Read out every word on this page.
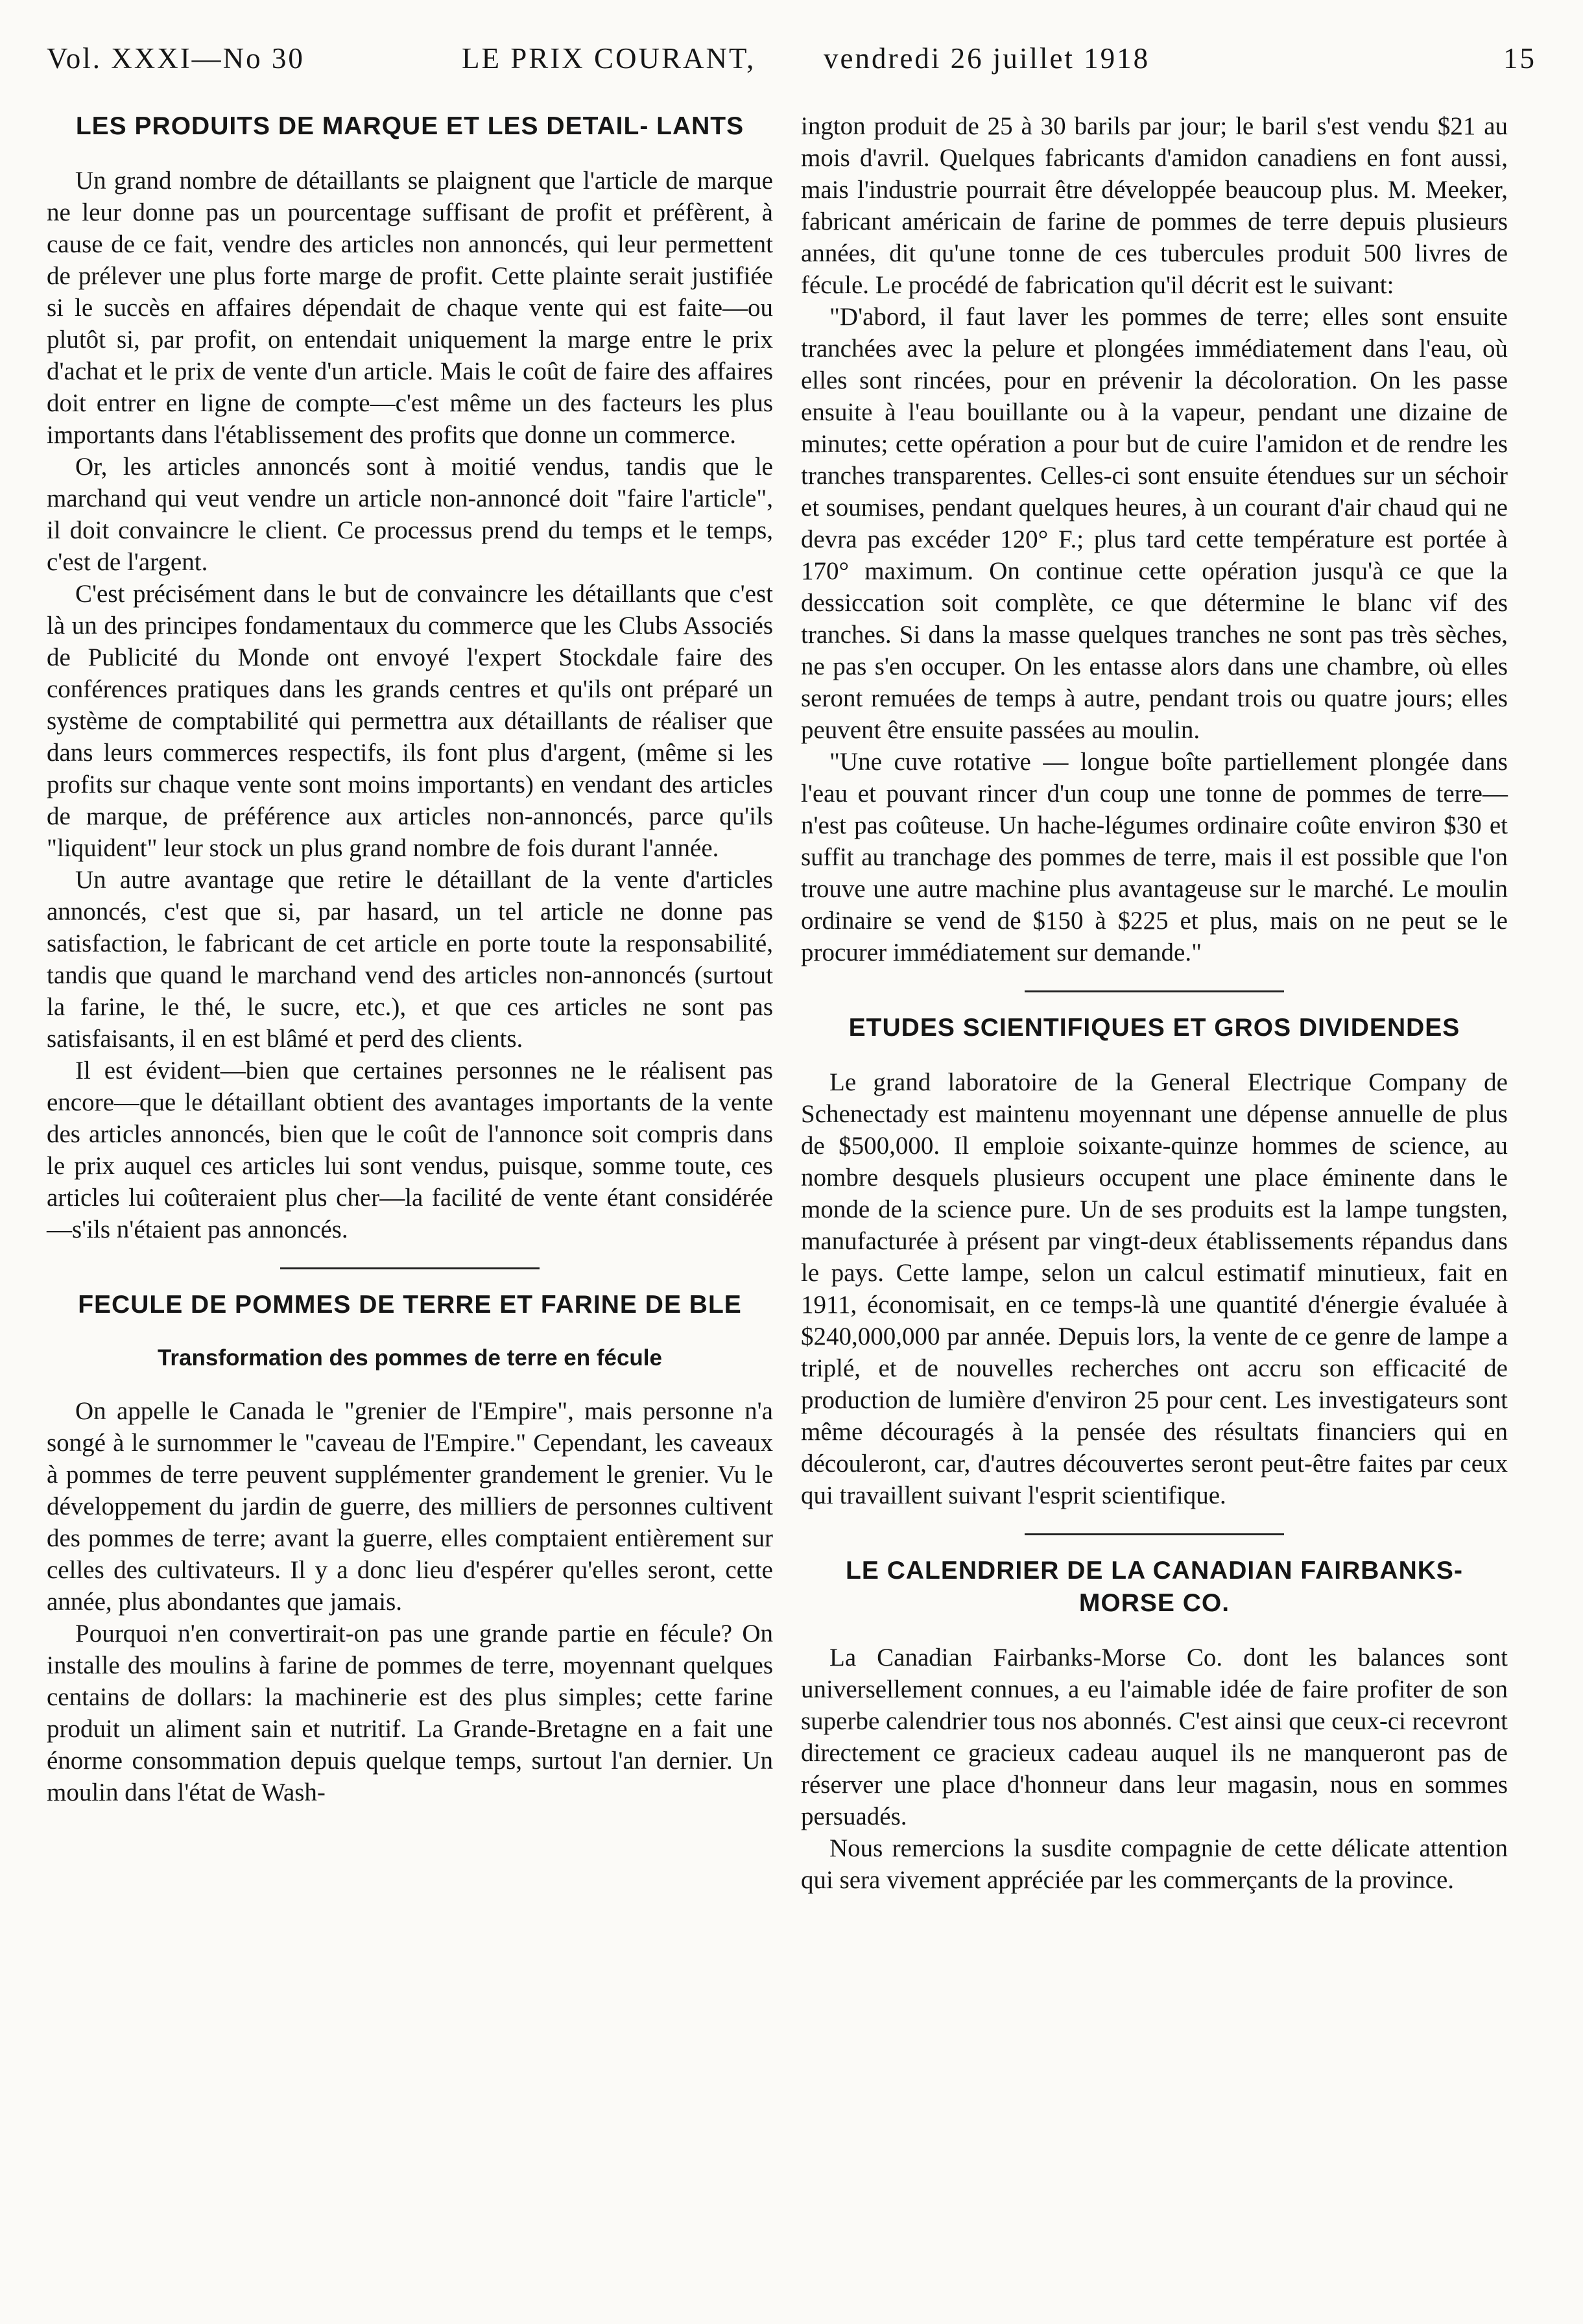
Vol. XXXI—No 30	LE PRIX COURANT, vendredi 26 juillet 1918	15
LES PRODUITS DE MARQUE ET LES DETAIL- LANTS

Un grand nombre de détaillants se plaignent que l'article de marque ne leur donne pas un pourcentage suffisant de profit et préfèrent, à cause de ce fait, vendre des articles non annoncés, qui leur permettent de prélever une plus forte marge de profit. Cette plainte serait justifiée si le succès en affaires dépendait de chaque vente qui est faite—ou plutôt si, par profit, on entendait uniquement la marge entre le prix d'achat et le prix de vente d'un article. Mais le coût de faire des affaires doit entrer en ligne de compte—c'est même un des facteurs les plus importants dans l'établissement des profits que donne un commerce.

Or, les articles annoncés sont à moitié vendus, tandis que le marchand qui veut vendre un article non-annoncé doit "faire l'article", il doit convaincre le client. Ce processus prend du temps et le temps, c'est de l'argent.

C'est précisément dans le but de convaincre les détaillants que c'est là un des principes fondamentaux du commerce que les Clubs Associés de Publicité du Monde ont envoyé l'expert Stockdale faire des conférences pratiques dans les grands centres et qu'ils ont préparé un système de comptabilité qui permettra aux détaillants de réaliser que dans leurs commerces respectifs, ils font plus d'argent, (même si les profits sur chaque vente sont moins importants) en vendant des articles de marque, de préférence aux articles non-annoncés, parce qu'ils "liquident" leur stock un plus grand nombre de fois durant l'année.

Un autre avantage que retire le détaillant de la vente d'articles annoncés, c'est que si, par hasard, un tel article ne donne pas satisfaction, le fabricant de cet article en porte toute la responsabilité, tandis que quand le marchand vend des articles non-annoncés (surtout la farine, le thé, le sucre, etc.), et que ces articles ne sont pas satisfaisants, il en est blâmé et perd des clients.

Il est évident—bien que certaines personnes ne le réalisent pas encore—que le détaillant obtient des avantages importants de la vente des articles annoncés, bien que le coût de l'annonce soit compris dans le prix auquel ces articles lui sont vendus, puisque, somme toute, ces articles lui coûteraient plus cher—la facilité de vente étant considérée—s'ils n'étaient pas annoncés.

FECULE DE POMMES DE TERRE ET FARINE DE BLE
Transformation des pommes de terre en fécule

On appelle le Canada le "grenier de l'Empire", mais personne n'a songé à le surnommer le "caveau de l'Empire." Cependant, les caveaux à pommes de terre peuvent supplémenter grandement le grenier. Vu le développement du jardin de guerre, des milliers de personnes cultivent des pommes de terre; avant la guerre, elles comptaient entièrement sur celles des cultivateurs. Il y a donc lieu d'espérer qu'elles seront, cette année, plus abondantes que jamais.

Pourquoi n'en convertirait-on pas une grande partie en fécule? On installe des moulins à farine de pommes de terre, moyennant quelques centains de dollars: la machinerie est des plus simples; cette farine produit un aliment sain et nutritif. La Grande-Bretagne en a fait une énorme consommation depuis quelque temps, surtout l'an dernier. Un moulin dans l'état de Wash-

ington produit de 25 à 30 barils par jour; le baril s'est vendu $21 au mois d'avril. Quelques fabricants d'amidon canadiens en font aussi, mais l'industrie pourrait être développée beaucoup plus. M. Meeker, fabricant américain de farine de pommes de terre depuis plusieurs années, dit qu'une tonne de ces tubercules produit 500 livres de fécule. Le procédé de fabrication qu'il décrit est le suivant:

"D'abord, il faut laver les pommes de terre; elles sont ensuite tranchées avec la pelure et plongées immédiatement dans l'eau, où elles sont rincées, pour en prévenir la décoloration. On les passe ensuite à l'eau bouillante ou à la vapeur, pendant une dizaine de minutes; cette opération a pour but de cuire l'amidon et de rendre les tranches transparentes. Celles-ci sont ensuite étendues sur un séchoir et soumises, pendant quelques heures, à un courant d'air chaud qui ne devra pas excéder 120° F.; plus tard cette température est portée à 170° maximum. On continue cette opération jusqu'à ce que la dessiccation soit complète, ce que détermine le blanc vif des tranches. Si dans la masse quelques tranches ne sont pas très sèches, ne pas s'en occuper. On les entasse alors dans une chambre, où elles seront remuées de temps à autre, pendant trois ou quatre jours; elles peuvent être ensuite passées au moulin.

"Une cuve rotative — longue boîte partiellement plongée dans l'eau et pouvant rincer d'un coup une tonne de pommes de terre—n'est pas coûteuse. Un hache-légumes ordinaire coûte environ $30 et suffit au tranchage des pommes de terre, mais il est possible que l'on trouve une autre machine plus avantageuse sur le marché. Le moulin ordinaire se vend de $150 à $225 et plus, mais on ne peut se le procurer immédiatement sur demande."

ETUDES SCIENTIFIQUES ET GROS DIVIDENDES

Le grand laboratoire de la General Electrique Company de Schenectady est maintenu moyennant une dépense annuelle de plus de $500,000. Il emploie soixante-quinze hommes de science, au nombre desquels plusieurs occupent une place éminente dans le monde de la science pure. Un de ses produits est la lampe tungsten, manufacturée à présent par vingt-deux établissements répandus dans le pays. Cette lampe, selon un calcul estimatif minutieux, fait en 1911, économisait, en ce temps-là une quantité d'énergie évaluée à $240,000,000 par année. Depuis lors, la vente de ce genre de lampe a triplé, et de nouvelles recherches ont accru son efficacité de production de lumière d'environ 25 pour cent. Les investigateurs sont même découragés à la pensée des résultats financiers qui en découleront, car, d'autres découvertes seront peut-être faites par ceux qui travaillent suivant l'esprit scientifique.

LE CALENDRIER DE LA CANADIAN FAIRBANKS-MORSE CO.

La Canadian Fairbanks-Morse Co. dont les balances sont universellement connues, a eu l'aimable idée de faire profiter de son superbe calendrier tous nos abonnés. C'est ainsi que ceux-ci recevront directement ce gracieux cadeau auquel ils ne manqueront pas de réserver une place d'honneur dans leur magasin, nous en sommes persuadés.

Nous remercions la susdite compagnie de cette délicate attention qui sera vivement appréciée par les commerçants de la province.
